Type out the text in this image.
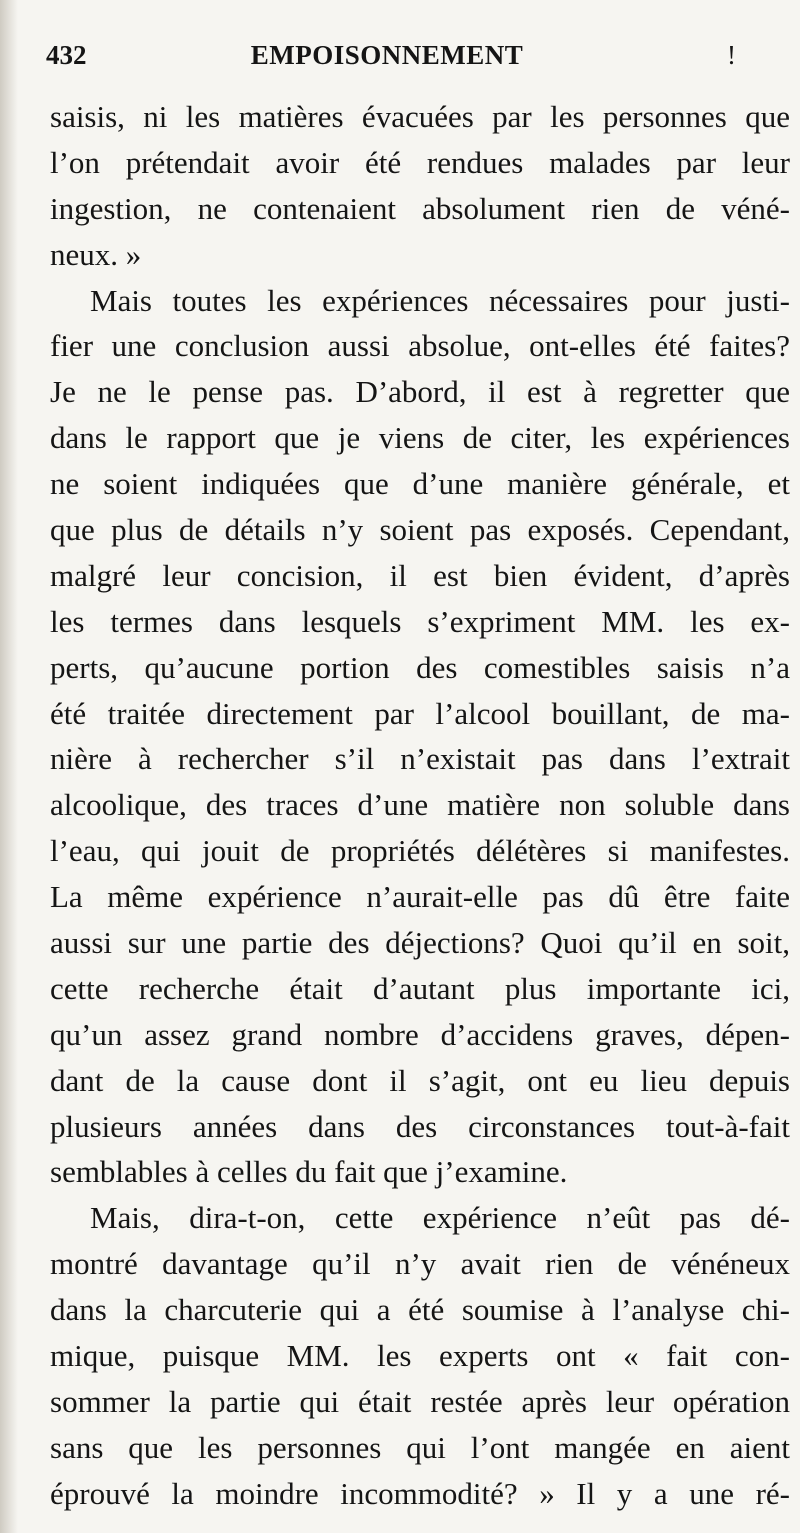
432	EMPOISONNEMENT	!
saisis, ni les matières évacuées par les personnes que
l’on prétendait avoir été rendues malades par leur
ingestion, ne contenaient absolument rien de véné-
neux. »
Mais toutes les expériences nécessaires pour justi-
fier une conclusion aussi absolue, ont-elles été faites?
Je ne le pense pas. D’abord, il est à regretter que
dans le rapport que je viens de citer, les expériences
ne soient indiquées que d’une manière générale, et
que plus de détails n’y soient pas exposés. Cependant,
malgré leur concision, il est bien évident, d’après
les termes dans lesquels s’expriment MM. les ex-
perts, qu’aucune portion des comestibles saisis n’a
été traitée directement par l’alcool bouillant, de ma-
nière à rechercher s’il n’existait pas dans l’extrait
alcoolique, des traces d’une matière non soluble dans
l’eau, qui jouit de propriétés délétères si manifestes.
La même expérience n’aurait-elle pas dû être faite
aussi sur une partie des déjections? Quoi qu’il en soit,
cette recherche était d’autant plus importante ici,
qu’un assez grand nombre d’accidens graves, dépen-
dant de la cause dont il s’agit, ont eu lieu depuis
plusieurs années dans des circonstances tout-à-fait
semblables à celles du fait que j’examine.
Mais, dira-t-on, cette expérience n’eût pas dé-
montré davantage qu’il n’y avait rien de vénéneux
dans la charcuterie qui a été soumise à l’analyse chi-
mique, puisque MM. les experts ont « fait con-
sommer la partie qui était restée après leur opération
sans que les personnes qui l’ont mangée en aient
éprouvé la moindre incommodité? » Il y a une ré-
